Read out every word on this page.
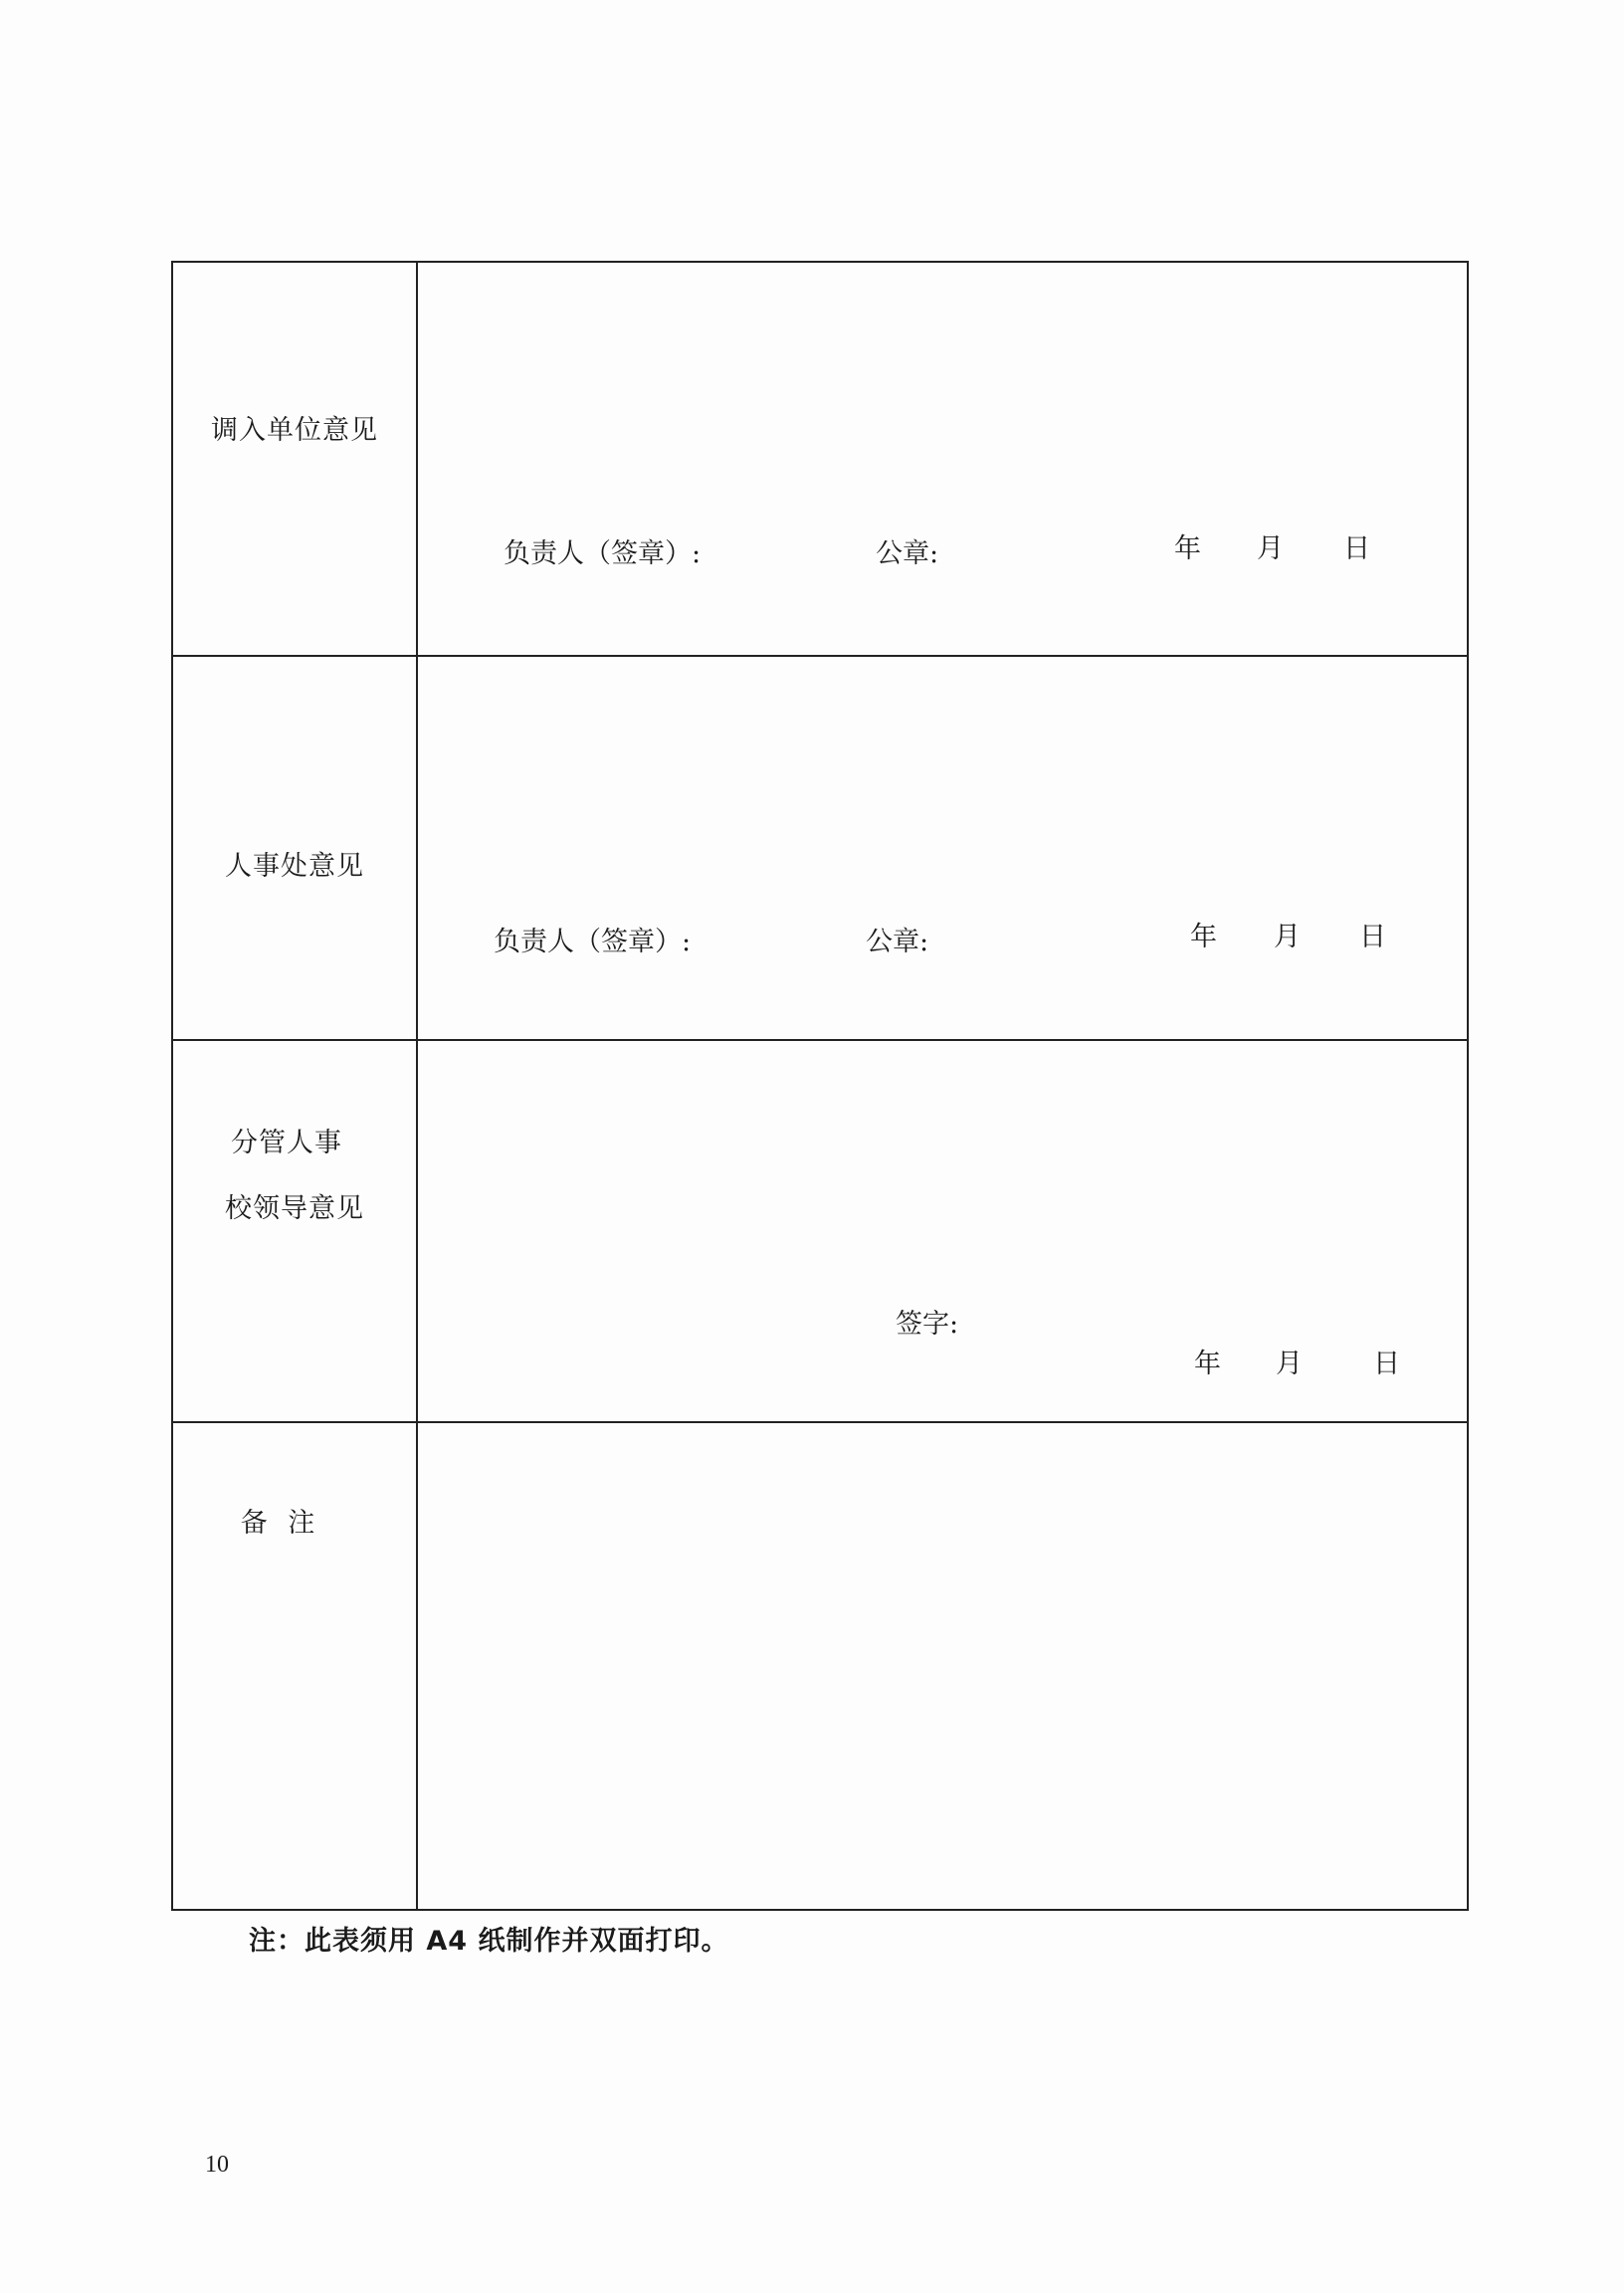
调入单位意见
负责人（签章）:	公章:	年 月 日
人事处意见
负责人（签章）:	公章:	年 月 日
分管人事
校领导意见
签字:
年 月	日
备 注
注：此表须用 A4 纸制作并双面打印。
10
